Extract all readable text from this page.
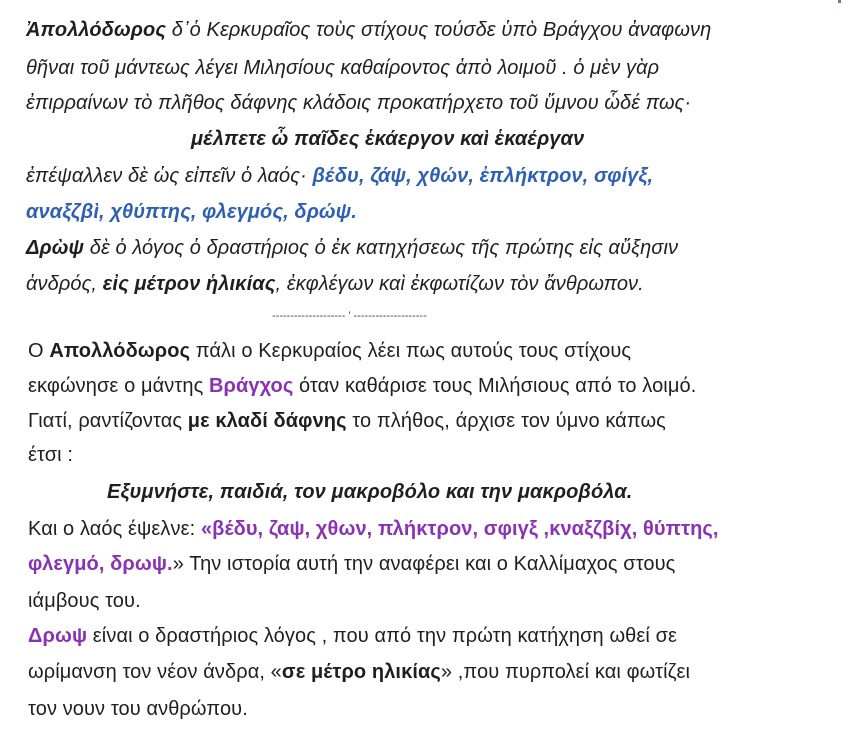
Ἀπολλόδωρος δ᾽ὁ Κερκυραῖος τοὺς στίχους τούσδε ὑπὸ Βράγχου ἀναφωνη
θῆναι τοῦ μάντεως λέγει Μιλησίους καθαίροντος ἀπὸ λοιμοῦ . ὁ μὲν γὰρ
ἐπιρραίνων τὸ πλῆθος δάφνης κλάδοις προκατήρχετο τοῦ ὕμνου ὧδέ πως·
μέλπετε ὦ παῖδες ἑκάεργον καὶ ἑκαέργαν
ἐπέψαλλεν δὲ ὡς εἰπεῖν ὁ λαός· βέδυ, ζάψ, χθών, ἐπλήκτρον, σφίγξ,
αναξζβὶ, χθύπτης, φλεγμός, δρώψ.
Δρὼψ δὲ ὁ λόγος ὁ δραστήριος ὁ ἐκ κατηχήσεως τῆς πρώτης εἰς αὔξησιν
ἀνδρός, εἰς μέτρον ἡλικίας, ἐκφλέγων καὶ ἐκφωτίζων τὸν ἄνθρωπον.
-------------------- ' --------------------
Ο Απολλόδωρος πάλι ο Κερκυραίος λέει πως αυτούς τους στίχους
εκφώνησε ο μάντης Βράγχος όταν καθάρισε τους Μιλήσιους από το λοιμό.
Γιατί, ραντίζοντας με κλαδί δάφνης το πλήθος, άρχισε τον ύμνο κάπως
έτσι :
Εξυμνήστε, παιδιά, τον μακροβόλο και την μακροβόλα.
Και ο λαός έψελνε: «βέδυ, ζαψ, χθων, πλήκτρον, σφιγξ ,κναξζβίχ, θύπτης,
φλεγμό, δρωψ.» Την ιστορία αυτή την αναφέρει και ο Καλλίμαχος στους
ιάμβους του.
Δρωψ είναι ο δραστήριος λόγος , που από την πρώτη κατήχηση ωθεί σε
ωρίμανση τον νέον άνδρα, «σε μέτρο ηλικίας» ,που πυρπολεί και φωτίζει
τον νουν του ανθρώπου.
